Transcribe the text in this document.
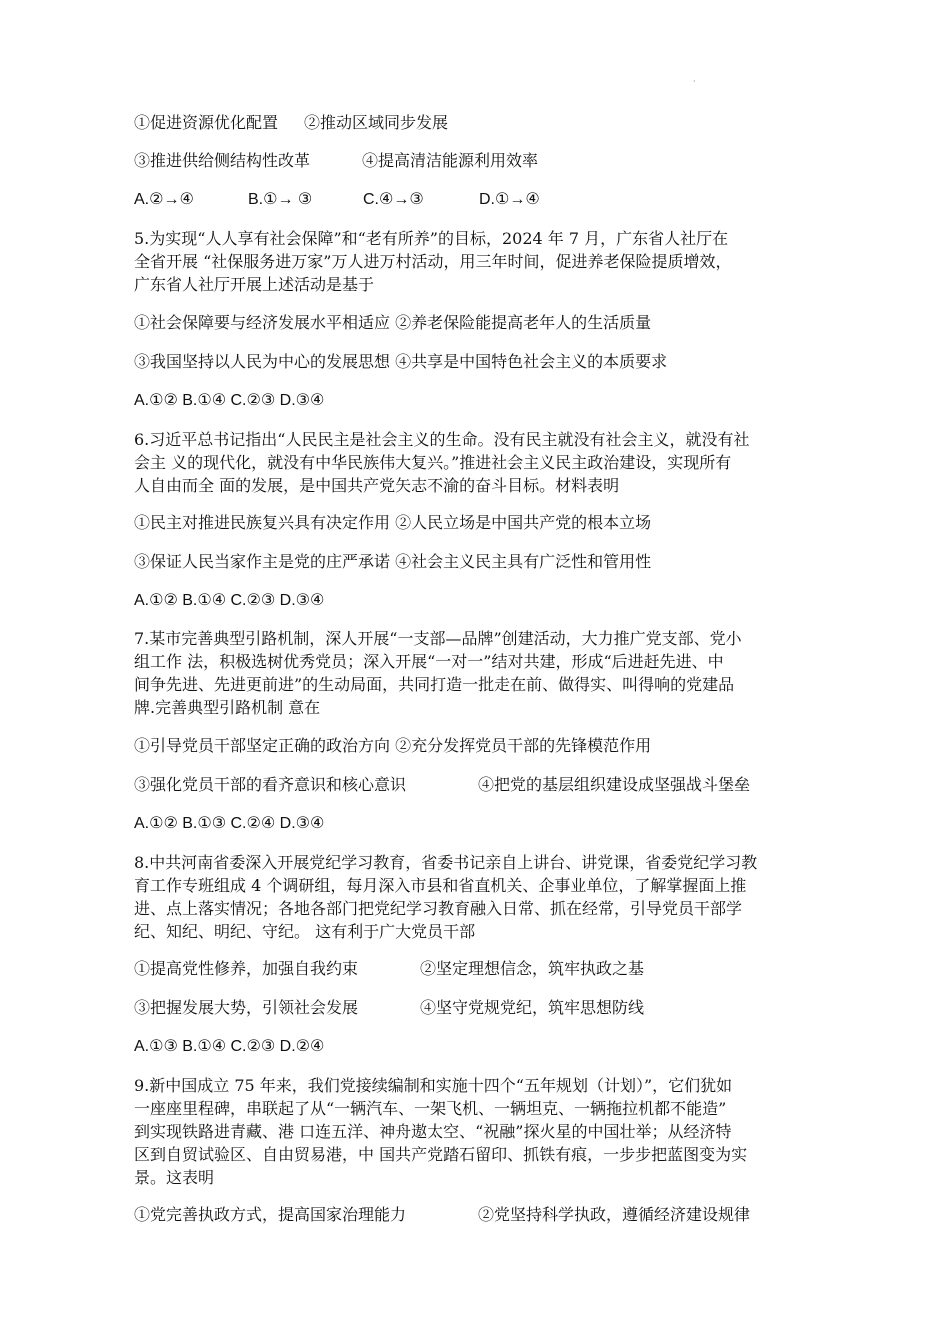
·
①促进资源优化配置 ②推动区域同步发展
③推进供给侧结构性改革	④提高清洁能源利用效率
A.②→④	B.①→ ③	C.④→③	D.①→④
5.为实现“人人享有社会保障”和“老有所养”的目标，2024 年 7 月，广东省人社厅在
全省开展 “社保服务进万家”万人进万村活动，用三年时间，促进养老保险提质增效，
广东省人社厅开展上述活动是基于
①社会保障要与经济发展水平相适应 ②养老保险能提高老年人的生活质量
③我国坚持以人民为中心的发展思想 ④共享是中国特色社会主义的本质要求
A.①② B.①④ C.②③ D.③④
6.习近平总书记指出“人民民主是社会主义的生命。没有民主就没有社会主义，就没有社
会主 义的现代化，就没有中华民族伟大复兴。”推进社会主义民主政治建设，实现所有
人自由而全 面的发展，是中国共产党矢志不渝的奋斗目标。材料表明
①民主对推进民族复兴具有决定作用 ②人民立场是中国共产党的根本立场
③保证人民当家作主是党的庄严承诺 ④社会主义民主具有广泛性和管用性
A.①② B.①④ C.②③ D.③④
7.某市完善典型引路机制，深人开展“一支部—品牌”创建活动，大力推广党支部、党小
组工作 法，积极选树优秀党员；深入开展“一对一”结对共建，形成“后进赶先进、中
间争先进、先进更前进”的生动局面，共同打造一批走在前、做得实、叫得响的党建品
牌.完善典型引路机制 意在
①引导党员干部坚定正确的政治方向 ②充分发挥党员干部的先锋模范作用
③强化党员干部的看齐意识和核心意识	④把党的基层组织建设成坚强战斗堡垒
A.①② B.①③ C.②④ D.③④
8.中共河南省委深入开展党纪学习教育，省委书记亲自上讲台、讲党课，省委党纪学习教
育工作专班组成 4 个调研组，每月深入市县和省直机关、企事业单位，了解掌握面上推
进、点上落实情况；各地各部门把党纪学习教育融入日常、抓在经常，引导党员干部学
纪、知纪、明纪、守纪。 这有利于广大党员干部
①提高党性修养，加强自我约束	②坚定理想信念，筑牢执政之基
③把握发展大势，引领社会发展	④坚守党规党纪，筑牢思想防线
A.①③ B.①④ C.②③ D.②④
9.新中国成立 75 年来，我们党接续编制和实施十四个“五年规划（计划）”，它们犹如
一座座里程碑，串联起了从“一辆汽车、一架飞机、一辆坦克、一辆拖拉机都不能造”
到实现铁路进青藏、港 口连五洋、神舟遨太空、“祝融”探火星的中国壮举；从经济特
区到自贸试验区、自由贸易港，中 国共产党踏石留印、抓铁有痕，一步步把蓝图变为实
景。这表明
①党完善执政方式，提高国家治理能力	②党坚持科学执政，遵循经济建设规律
